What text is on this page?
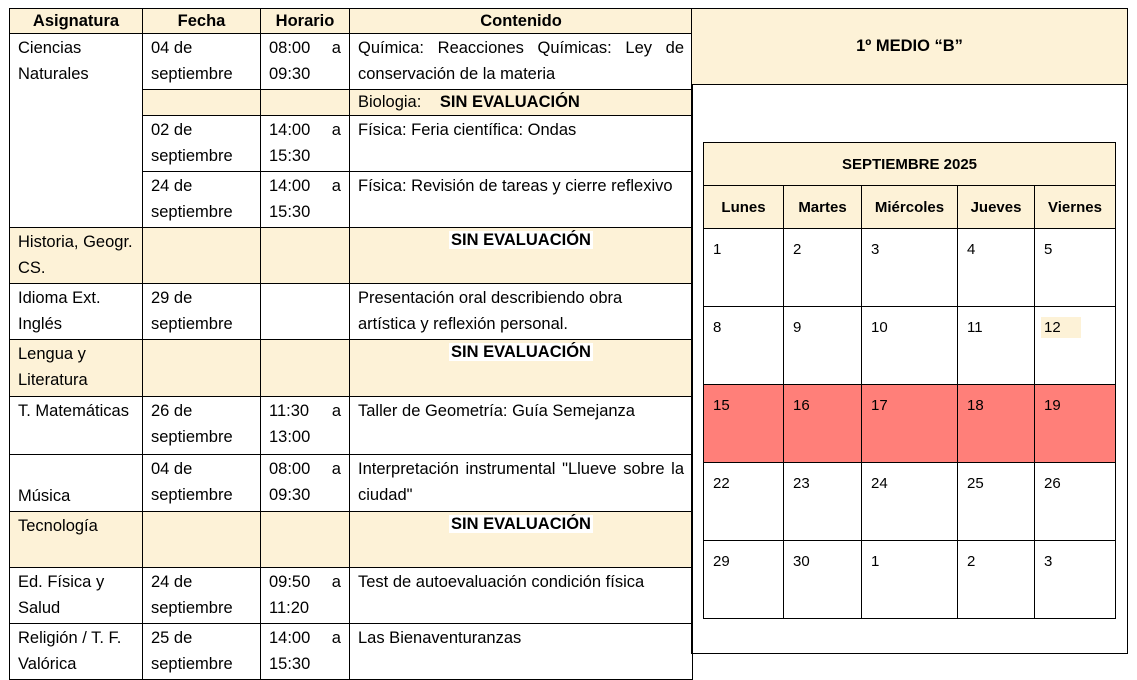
Asignatura	Fecha	Horario	Contenido
Ciencias Naturales	04 de septiembre	08:00 a 09:30	Química: Reacciones Químicas: Ley de conservación de la materia
			Biologia: SIN EVALUACIÓN
	02 de septiembre	14:00 a 15:30	Física: Feria científica: Ondas
	24 de septiembre	14:00 a 15:30	Física: Revisión de tareas y cierre reflexivo
Historia, Geogr. CS.			SIN EVALUACIÓN

Idioma Ext. Inglés	29 de septiembre		Presentación oral describiendo obra artística y reflexión personal.
Lengua y Literatura			SIN EVALUACIÓN

T. Matemáticas	26 de septiembre	11:30 a 13:00	Taller de Geometría: Guía Semejanza
Música	04 de septiembre	08:00 a 09:30	Interpretación instrumental "Llueve sobre la ciudad"
Tecnología			SIN EVALUACIÓN

Ed. Física y Salud	24 de septiembre	09:50 a 11:20	Test de autoevaluación condición física
Religión / T. F. Valórica	25 de septiembre	14:00 a 15:30	Las Bienaventuranzas
1º MEDIO “B”
SEPTIEMBRE 2025				
Lunes	Martes	Miércoles	Jueves	Viernes
1	2	3	4	5
8	9	10	11	12
15	16	17	18	19
22	23	24	25	26
29	30	1	2	3
